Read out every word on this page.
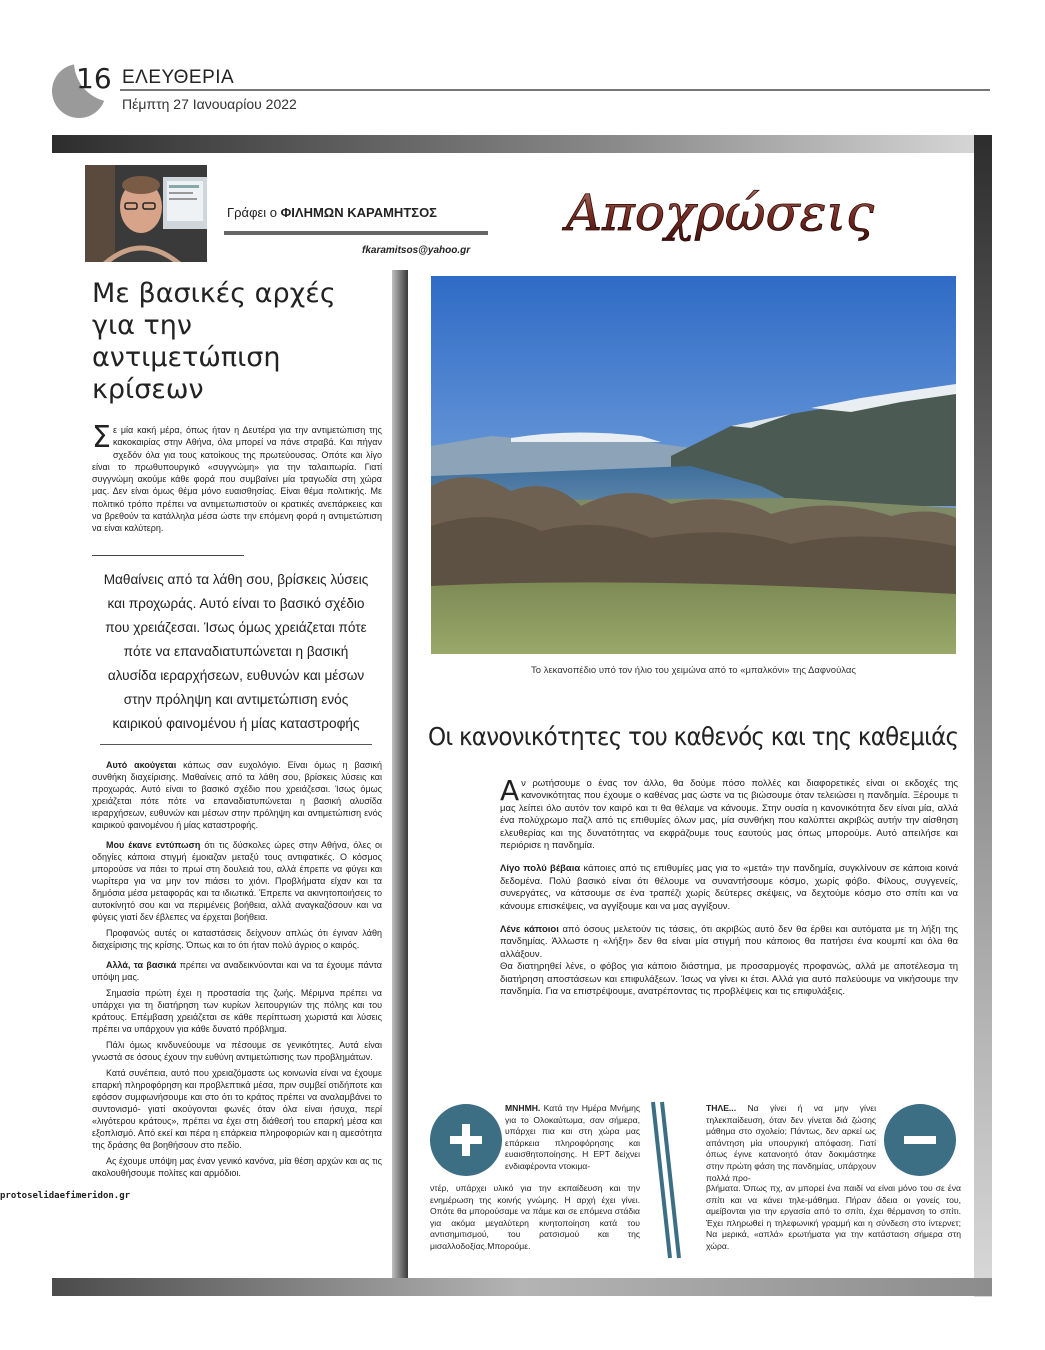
16 ΕΛΕΥΘΕΡΙΑ
Πέμπτη 27 Ιανουαρίου 2022
Γράφει ο ΦΙΛΗΜΩΝ ΚΑΡΑΜΗΤΣΟΣ
fkaramitsos@yahoo.gr
Αποχρώσεις
Με βασικές αρχές
για την αντιμετώπιση
κρίσεων
Σε μία κακή μέρα, όπως ήταν η Δευτέρα για την αντιμετώπιση της κακοκαιρίας στην Αθήνα, όλα μπορεί να πάνε στραβά. Και πήγαν σχεδόν όλα για τους κατοίκους της πρωτεύουσας. Οπότε και λίγο είναι το πρωθυπουργικό «συγγνώμη» για την ταλαιπωρία. Γιατί συγγνώμη ακούμε κάθε φορά που συμβαίνει μία τραγωδία στη χώρα μας. Δεν είναι όμως θέμα μόνο ευαισθησίας. Είναι θέμα πολιτικής. Με πολιτικό τρόπο πρέπει να αντιμετωπιστούν οι κρατικές ανεπάρκειες και να βρεθούν τα κατάλληλα μέσα ώστε την επόμενη φορά η αντιμετώπιση να είναι καλύτερη.
Μαθαίνεις από τα λάθη σου, βρίσκεις λύσεις και προχωράς. Αυτό είναι το βασικό σχέδιο που χρειάζεσαι. Ίσως όμως χρειάζεται πότε πότε να επαναδιατυπώνεται η βασική αλυσίδα ιεραρχήσεων, ευθυνών και μέσων στην πρόληψη και αντιμετώπιση ενός καιρικού φαινομένου ή μίας καταστροφής

Αυτό ακούγεται κάπως σαν ευχολόγιο. Είναι όμως η βασική συνθήκη διαχείρισης. Μαθαίνεις από τα λάθη σου, βρίσκεις λύσεις και προχωράς. Αυτό είναι το βασικό σχέδιο που χρειάζεσαι. Ίσως όμως χρειάζεται πότε πότε να επαναδιατυπώνεται η βασική αλυσίδα ιεραρχήσεων, ευθυνών και μέσων στην πρόληψη και αντιμετώπιση ενός καιρικού φαινομένου ή μίας καταστροφής.

Μου έκανε εντύπωση ότι τις δύσκολες ώρες στην Αθήνα, όλες οι οδηγίες κάποια στιγμή έμοιαζαν μεταξύ τους αντιφατικές. Ο κόσμος μπορούσε να πάει το πρωί στη δουλειά του, αλλά έπρεπε να φύγει και νωρίτερα για να μην τον πιάσει το χιόνι. Προβλήματα είχαν και τα δημόσια μέσα μεταφοράς και τα ιδιωτικά. Έπρεπε να ακινητοποιήσεις το αυτοκίνητό σου και να περιμένεις βοήθεια, αλλά αναγκαζόσουν και να φύγεις γιατί δεν έβλεπες να έρχεται βοήθεια.

Προφανώς αυτές οι καταστάσεις δείχνουν απλώς ότι έγιναν λάθη διαχείρισης της κρίσης. Όπως και το ότι ήταν πολύ άγριος ο καιρός.

Αλλά, τα βασικά πρέπει να αναδεικνύονται και να τα έχουμε πάντα υπόψη μας.

Σημασία πρώτη έχει η προστασία της ζωής. Μέριμνα πρέπει να υπάρχει για τη διατήρηση των κυρίων λειτουργιών της πόλης και του κράτους. Επέμβαση χρειάζεται σε κάθε περίπτωση χωριστά και λύσεις πρέπει να υπάρχουν για κάθε δυνατό πρόβλημα.

Πάλι όμως κινδυνεύουμε να πέσουμε σε γενικότητες. Αυτά είναι γνωστά σε όσους έχουν την ευθύνη αντιμετώπισης των προβλημάτων.

Κατά συνέπεια, αυτό που χρειαζόμαστε ως κοινωνία είναι να έχουμε επαρκή πληροφόρηση και προβλεπτικά μέσα, πριν συμβεί οτιδήποτε και εφόσον συμφωνήσουμε και στο ότι το κράτος πρέπει να αναλαμβάνει το συντονισμό- γιατί ακούγονται φωνές όταν όλα είναι ήσυχα, περί «λιγότερου κράτους», πρέπει να έχει στη διάθεσή του επαρκή μέσα και εξοπλισμό. Από εκεί και πέρα η επάρκεια πληροφοριών και η αμεσότητα της δράσης θα βοηθήσουν στο πεδίο.

Ας έχουμε υπόψη μας έναν γενικό κανόνα, μία θέση αρχών και ας τις ακολουθήσουμε πολίτες και αρμόδιοι.

Το λεκανοπέδιο υπό τον ήλιο του χειμώνα από το «μπαλκόνι» της Δαφνούλας
Οι κανονικότητες του καθενός και της καθεμιάς

Αν ρωτήσουμε ο ένας τον άλλο, θα δούμε πόσο πολλές και διαφορετικές είναι οι εκδοχές της κανονικότητας που έχουμε ο καθένας μας ώστε να τις βιώσουμε όταν τελειώσει η πανδημία. Ξέρουμε τι μας λείπει όλο αυτόν τον καιρό και τι θα θέλαμε να κάνουμε. Στην ουσία η κανονικότητα δεν είναι μία, αλλά ένα πολύχρωμο παζλ από τις επιθυμίες όλων μας, μία συνθήκη που καλύπτει ακριβώς αυτήν την αίσθηση ελευθερίας και της δυνατότητας να εκφράζουμε τους εαυτούς μας όπως μπορούμε. Αυτό απειλήσε και περιόρισε η πανδημία.

Λίγο πολύ βέβαια κάποιες από τις επιθυμίες μας για το «μετά» την πανδημία, συγκλίνουν σε κάποια κοινά δεδομένα. Πολύ βασικό είναι ότι θέλουμε να συναντήσουμε κόσμο, χωρίς φόβο. Φίλους, συγγενείς, συνεργάτες, να κάτσουμε σε ένα τραπέζι χωρίς δεύτερες σκέψεις, να δεχτούμε κόσμο στο σπίτι και να κάνουμε επισκέψεις, να αγγίξουμε και να μας αγγίξουν.

Λένε κάποιοι από όσους μελετούν τις τάσεις, ότι ακριβώς αυτό δεν θα έρθει και αυτόματα με τη λήξη της πανδημίας. Άλλωστε η «λήξη» δεν θα είναι μία στιγμή που κάποιος θα πατήσει ένα κουμπί και όλα θα αλλάξουν.

Θα διατηρηθεί λένε, ο φόβος για κάποιο διάστημα, με προσαρμογές προφανώς, αλλά με αποτέλεσμα τη διατήρηση αποστάσεων και επιφυλάξεων. Ίσως να γίνει κι έτσι. Αλλά για αυτό παλεύουμε να νικήσουμε την πανδημία. Για να επιστρέψουμε, ανατρέποντας τις προβλέψεις και τις επιφυλάξεις.

ΜΝΗΜΗ. Κατά την Ημέρα Μνήμης για το Ολοκαύτωμα, σαν σήμερα, υπάρχει πια και στη χώρα μας επάρκεια πληροφόρησης και ευαισθητοποίησης. Η ΕΡΤ δείχνει ενδιαφέροντα ντοκιμα-
ντέρ, υπάρχει υλικό για την εκπαίδευση και την ενημέρωση της κοινής γνώμης. Η αρχή έχει γίνει. Οπότε θα μπορούσαμε να πάμε και σε επόμενα στάδια για ακόμα μεγαλύτερη κινητοποίηση κατά του αντισημιτισμού, του ρατσισμού και της μισαλλοδοξίας.Μπορούμε.
ΤΗΛΕ... Να γίνει ή να μην γίνει τηλεκπαίδευση, όταν δεν γίνεται διά ζώσης μάθημα στο σχολείο; Πάντως, δεν αρκεί ως απάντηση μία υπουργική απόφαση. Γιατί όπως έγινε κατανοητό όταν δοκιμάστηκε στην πρώτη φάση της πανδημίας, υπάρχουν πολλά προ-
βλήματα. Όπως πχ, αν μπορεί ένα παιδί να είναι μόνο του σε ένα σπίτι και να κάνει τηλε-μάθημα. Πήραν άδεια οι γονείς του, αμείβονται για την εργασία από το σπίτι, έχει θέρμανση το σπίτι. Έχει πληρωθεί η τηλεφωνική γραμμή και η σύνδεση στο ίντερνετ; Να μερικά, «απλά» ερωτήματα για την κατάσταση σήμερα στη χώρα.
protoselidaefimeridon.gr
